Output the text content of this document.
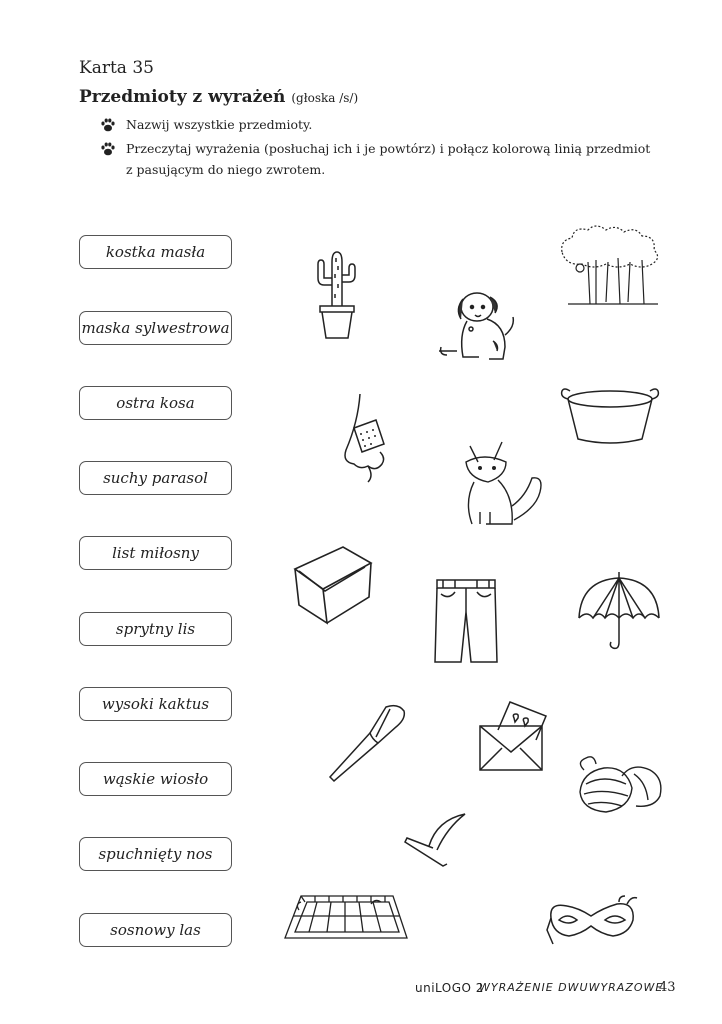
Karta 35
Przedmioty z wyrażeń (głoska /s/)
Nazwij wszystkie przedmioty.
Przeczytaj wyrażenia (posłuchaj ich i je powtórz) i połącz kolorową linią przedmiot
z pasującym do niego zwrotem.
kostka masła
maska sylwestrowa
ostra kosa
suchy parasol
list miłosny
sprytny lis
wysoki kaktus
wąskie wiosło
spuchnięty nos
sosnowy las
uniLOGO 2
WYRAŻENIE DWUWYRAZOWE
43
